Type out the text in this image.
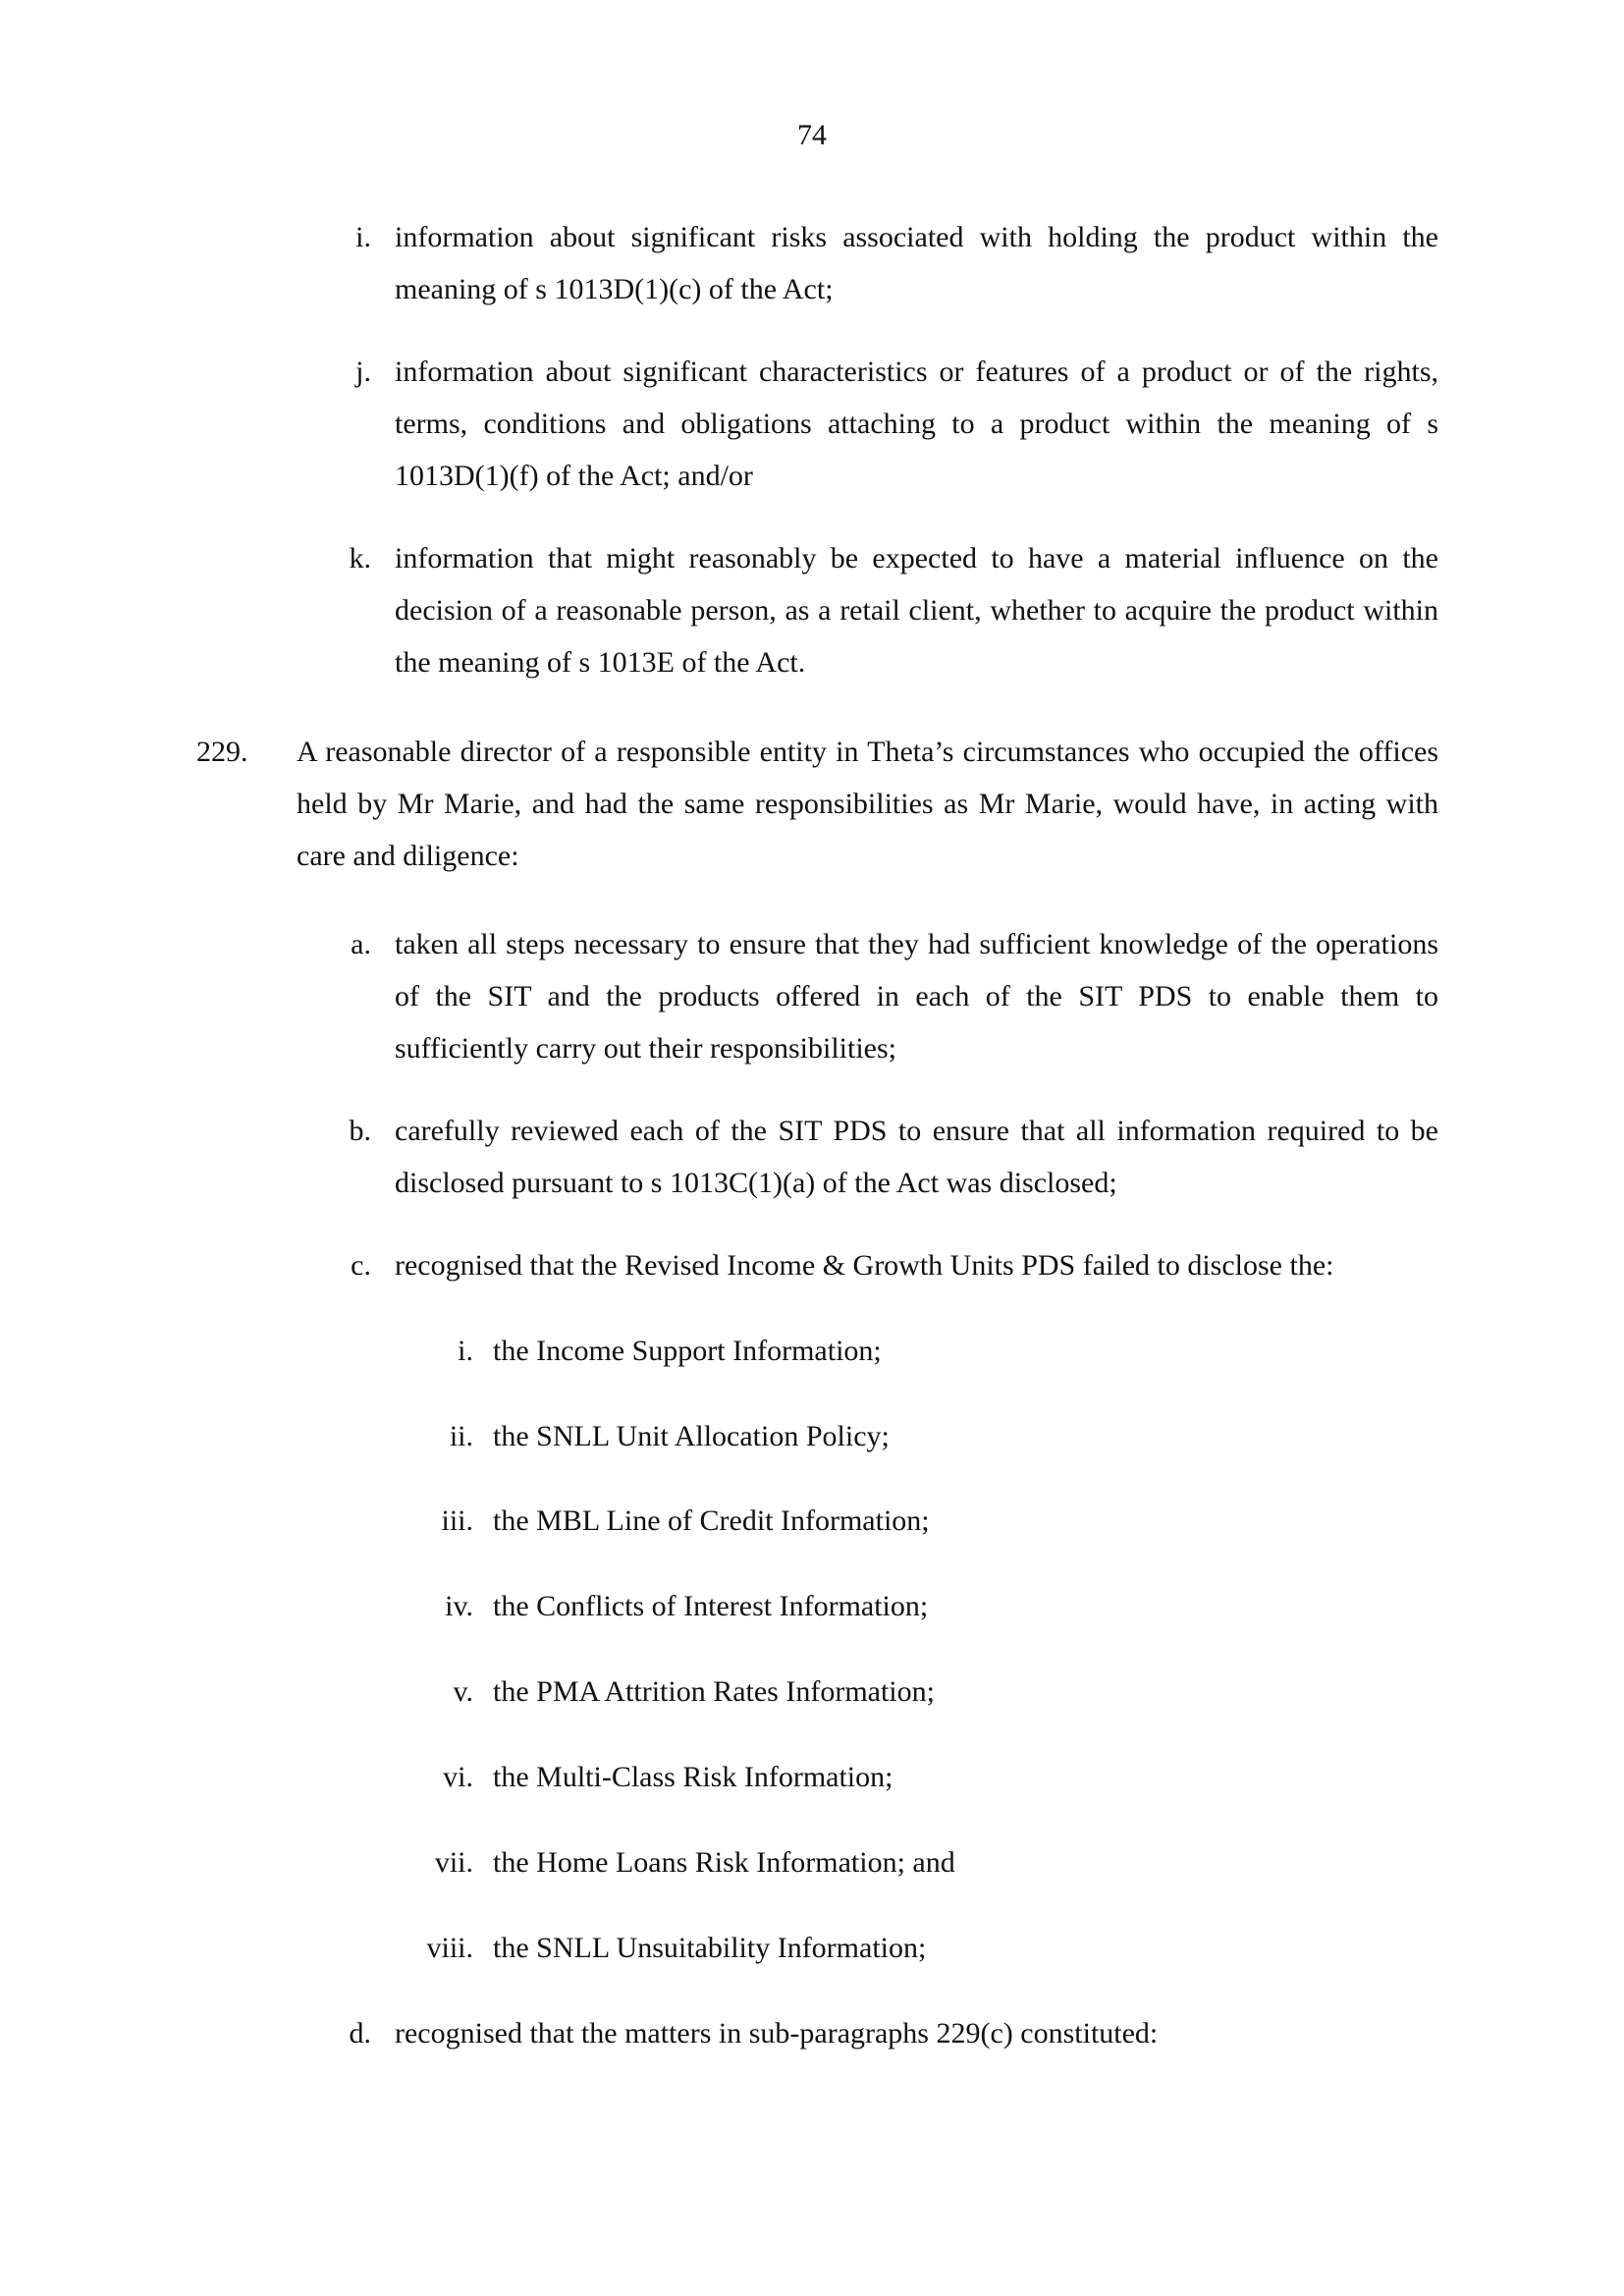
74
i. information about significant risks associated with holding the product within the meaning of s 1013D(1)(c) of the Act;
j. information about significant characteristics or features of a product or of the rights, terms, conditions and obligations attaching to a product within the meaning of s 1013D(1)(f) of the Act; and/or
k. information that might reasonably be expected to have a material influence on the decision of a reasonable person, as a retail client, whether to acquire the product within the meaning of s 1013E of the Act.
229.	A reasonable director of a responsible entity in Theta’s circumstances who occupied the offices held by Mr Marie, and had the same responsibilities as Mr Marie, would have, in acting with care and diligence:
a. taken all steps necessary to ensure that they had sufficient knowledge of the operations of the SIT and the products offered in each of the SIT PDS to enable them to sufficiently carry out their responsibilities;
b. carefully reviewed each of the SIT PDS to ensure that all information required to be disclosed pursuant to s 1013C(1)(a) of the Act was disclosed;
c. recognised that the Revised Income & Growth Units PDS failed to disclose the:
i. the Income Support Information;
ii. the SNLL Unit Allocation Policy;
iii. the MBL Line of Credit Information;
iv. the Conflicts of Interest Information;
v. the PMA Attrition Rates Information;
vi. the Multi-Class Risk Information;
vii. the Home Loans Risk Information; and
viii. the SNLL Unsuitability Information;
d. recognised that the matters in sub-paragraphs 229(c) constituted:
